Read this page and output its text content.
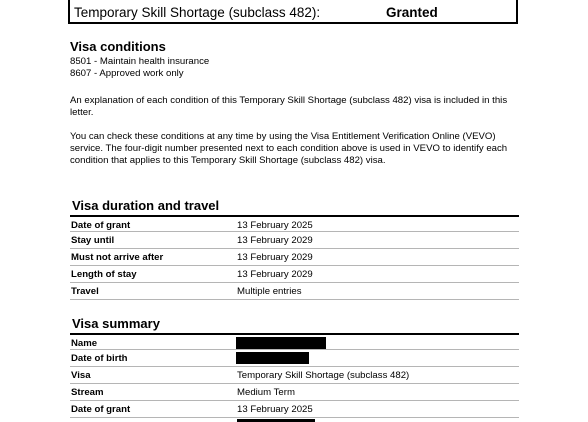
Temporary Skill Shortage (subclass 482):	Granted
Visa conditions
8501 - Maintain health insurance
8607 - Approved work only
An explanation of each condition of this Temporary Skill Shortage (subclass 482) visa is included in this letter.
You can check these conditions at any time by using the Visa Entitlement Verification Online (VEVO) service. The four-digit number presented next to each condition above is used in VEVO to identify each condition that applies to this Temporary Skill Shortage (subclass 482) visa.
Visa duration and travel
Date of grant	13 February 2025
Stay until	13 February 2029
Must not arrive after	13 February 2029
Length of stay	13 February 2029
Travel	Multiple entries
Visa summary
Name
Date of birth
Visa	Temporary Skill Shortage (subclass 482)
Stream	Medium Term
Date of grant	13 February 2025
